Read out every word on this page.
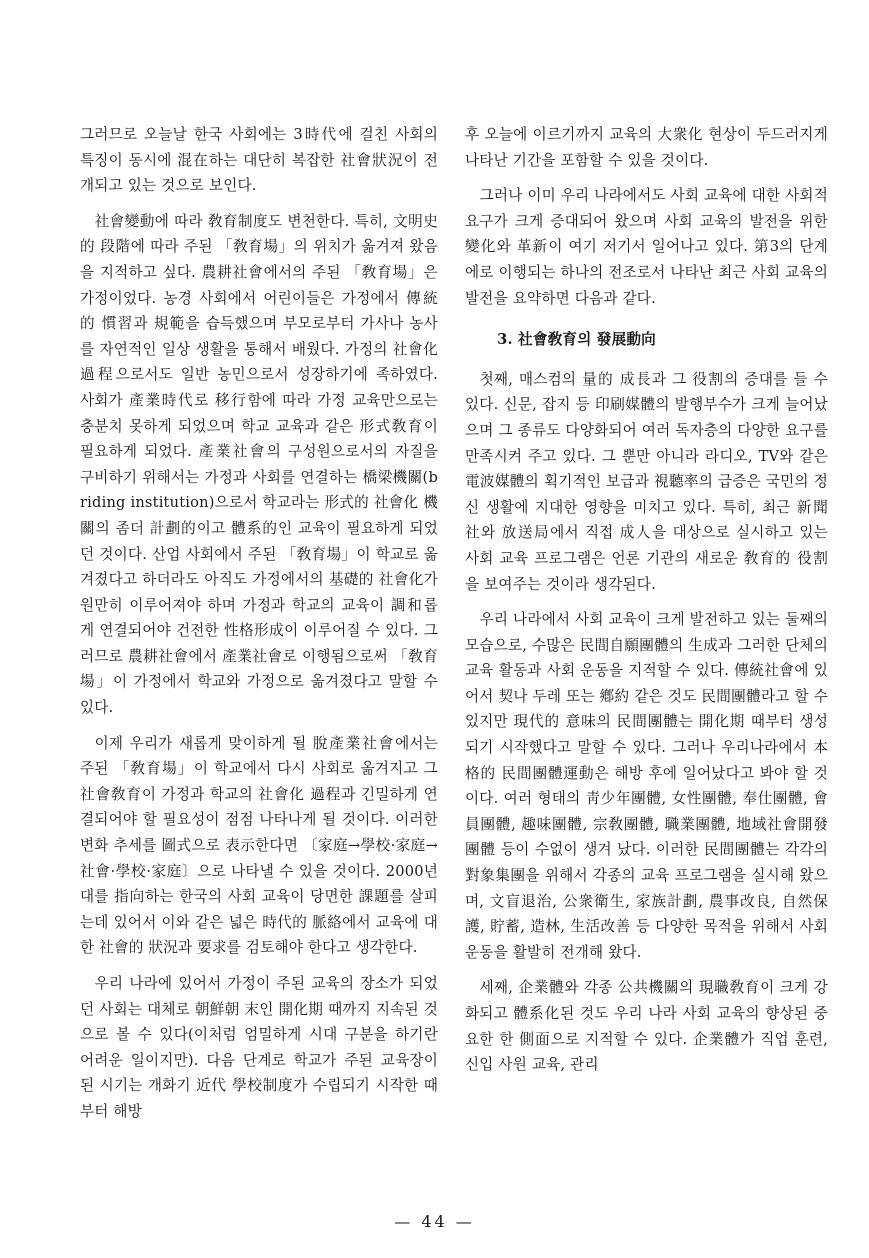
그러므로 오늘날 한국 사회에는 3時代에 걸친 사회의 특징이 동시에 混在하는 대단히 복잡한 社會狀況이 전개되고 있는 것으로 보인다.

社會變動에 따라 敎育制度도 변천한다. 특히, 文明史的 段階에 따라 주된 「敎育場」의 위치가 옮겨져 왔음을 지적하고 싶다. 農耕社會에서의 주된 「敎育場」은 가정이었다. 농경 사회에서 어린이들은 가정에서 傳統的 慣習과 規範을 습득했으며 부모로부터 가사나 농사를 자연적인 일상 생활을 통해서 배웠다. 가정의 社會化 過程으로서도 일반 농민으로서 성장하기에 족하였다. 사회가 產業時代로 移行함에 따라 가정 교육만으로는 충분치 못하게 되었으며 학교 교육과 같은 形式敎育이 필요하게 되었다. 產業社會의 구성원으로서의 자질을 구비하기 위해서는 가정과 사회를 연결하는 橋梁機關(briding institution)으로서 학교라는 形式的 社會化 機關의 좀더 計劃的이고 體系的인 교육이 필요하게 되었던 것이다. 산업 사회에서 주된 「敎育場」이 학교로 옮겨졌다고 하더라도 아직도 가정에서의 基礎的 社會化가 원만히 이루어져야 하며 가정과 학교의 교육이 調和롭게 연결되어야 건전한 性格形成이 이루어질 수 있다. 그러므로 農耕社會에서 產業社會로 이행됨으로써 「敎育場」이 가정에서 학교와 가정으로 옮겨졌다고 말할 수 있다.

이제 우리가 새롭게 맞이하게 될 脫產業社會에서는 주된 「敎育場」이 학교에서 다시 사회로 옮겨지고 그 社會敎育이 가정과 학교의 社會化 過程과 긴밀하게 연결되어야 할 필요성이 점점 나타나게 될 것이다. 이러한 변화 추세를 圖式으로 表示한다면 〔家庭→學校·家庭→社會·學校·家庭〕으로 나타낼 수 있을 것이다. 2000년대를 指向하는 한국의 사회 교육이 당면한 課題를 살피는데 있어서 이와 같은 넓은 時代的 脈絡에서 교육에 대한 社會的 狀況과 要求를 검토해야 한다고 생각한다.

우리 나라에 있어서 가정이 주된 교육의 장소가 되었던 사회는 대체로 朝鮮朝 末인 開化期 때까지 지속된 것으로 볼 수 있다(이처럼 엄밀하게 시대 구분을 하기란 어려운 일이지만). 다음 단계로 학교가 주된 교육장이 된 시기는 개화기 近代 學校制度가 수립되기 시작한 때부터 해방

후 오늘에 이르기까지 교육의 大衆化 현상이 두드러지게 나타난 기간을 포함할 수 있을 것이다.

그러나 이미 우리 나라에서도 사회 교육에 대한 사회적 요구가 크게 증대되어 왔으며 사회 교육의 발전을 위한 變化와 革新이 여기 저기서 일어나고 있다. 第3의 단계에로 이행되는 하나의 전조로서 나타난 최근 사회 교육의 발전을 요약하면 다음과 같다.

3. 社會敎育의 發展動向

첫째, 매스컴의 量的 成長과 그 役割의 증대를 들 수 있다. 신문, 잡지 등 印刷媒體의 발행부수가 크게 늘어났으며 그 종류도 다양화되어 여러 독자층의 다양한 요구를 만족시켜 주고 있다. 그 뿐만 아니라 라디오, TV와 같은 電波媒體의 획기적인 보급과 視聽率의 급증은 국민의 정신 생활에 지대한 영향을 미치고 있다. 특히, 최근 新聞社와 放送局에서 직접 成人을 대상으로 실시하고 있는 사회 교육 프로그램은 언론 기관의 새로운 敎育的 役割을 보여주는 것이라 생각된다.

우리 나라에서 사회 교육이 크게 발전하고 있는 둘째의 모습으로, 수많은 民間自願團體의 生成과 그러한 단체의 교육 활동과 사회 운동을 지적할 수 있다. 傳統社會에 있어서 契나 두레 또는 鄕約 같은 것도 民間團體라고 할 수 있지만 現代的 意味의 民間團體는 開化期 때부터 생성되기 시작했다고 말할 수 있다. 그러나 우리나라에서 本格的 民間團體運動은 해방 후에 일어났다고 봐야 할 것이다. 여러 형태의 靑少年團體, 女性團體, 奉仕團體, 會員團體, 趣味團體, 宗敎團體, 職業團體, 地域社會開發團體 등이 수없이 생겨 났다. 이러한 民間團體는 각각의 對象集團을 위해서 각종의 교육 프로그램을 실시해 왔으며, 文盲退治, 公衆衛生, 家族計劃, 農事改良, 自然保護, 貯蓄, 造林, 生活改善 등 다양한 목적을 위해서 사회 운동을 활발히 전개해 왔다.

세째, 企業體와 각종 公共機關의 現職敎育이 크게 강화되고 體系化된 것도 우리 나라 사회 교육의 향상된 중요한 한 側面으로 지적할 수 있다. 企業體가 직업 훈련, 신입 사원 교육, 관리

— 44 —
